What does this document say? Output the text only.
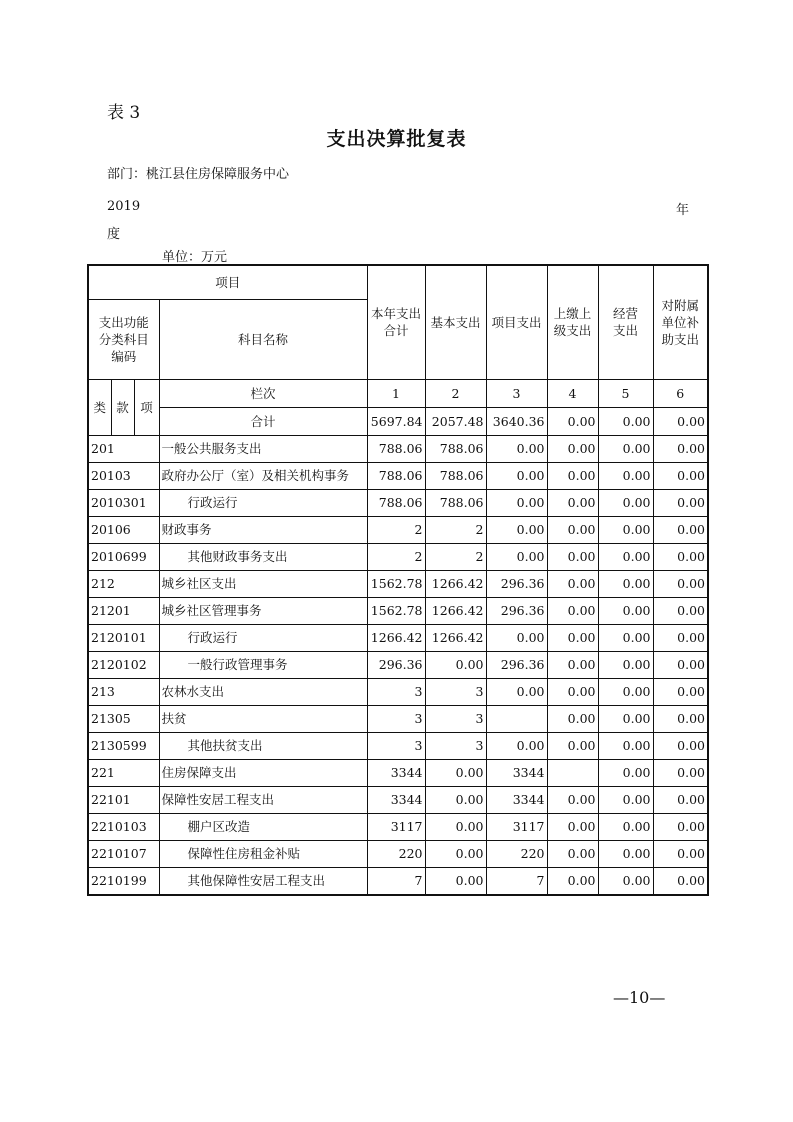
表 3
支出决算批复表
部门：桃江县住房保障服务中心
2019	年
度
单位：万元
项目				本年支出合计	基本支出	项目支出	上缴上级支出	经营支出	对附属单位补助支出
支出功能分类科目编码			科目名称						
类	款	项	栏次	1	2	3	4	5	6
			合计	5697.84	2057.48	3640.36	0.00	0.00	0.00
201			一般公共服务支出	788.06	788.06	0.00	0.00	0.00	0.00
20103			政府办公厅（室）及相关机构事务	788.06	788.06	0.00	0.00	0.00	0.00
2010301			行政运行	788.06	788.06	0.00	0.00	0.00	0.00
20106			财政事务	2	2	0.00	0.00	0.00	0.00
2010699			其他财政事务支出	2	2	0.00	0.00	0.00	0.00
212			城乡社区支出	1562.78	1266.42	296.36	0.00	0.00	0.00
21201			城乡社区管理事务	1562.78	1266.42	296.36	0.00	0.00	0.00
2120101			行政运行	1266.42	1266.42	0.00	0.00	0.00	0.00
2120102			一般行政管理事务	296.36	0.00	296.36	0.00	0.00	0.00
213			农林水支出	3	3	0.00	0.00	0.00	0.00
21305			扶贫	3	3		0.00	0.00	0.00
2130599			其他扶贫支出	3	3	0.00	0.00	0.00	0.00
221			住房保障支出	3344	0.00	3344		0.00	0.00
22101			保障性安居工程支出	3344	0.00	3344	0.00	0.00	0.00
2210103			棚户区改造	3117	0.00	3117	0.00	0.00	0.00
2210107			保障性住房租金补贴	220	0.00	220	0.00	0.00	0.00
2210199			其他保障性安居工程支出	7	0.00	7	0.00	0.00	0.00
—10—
